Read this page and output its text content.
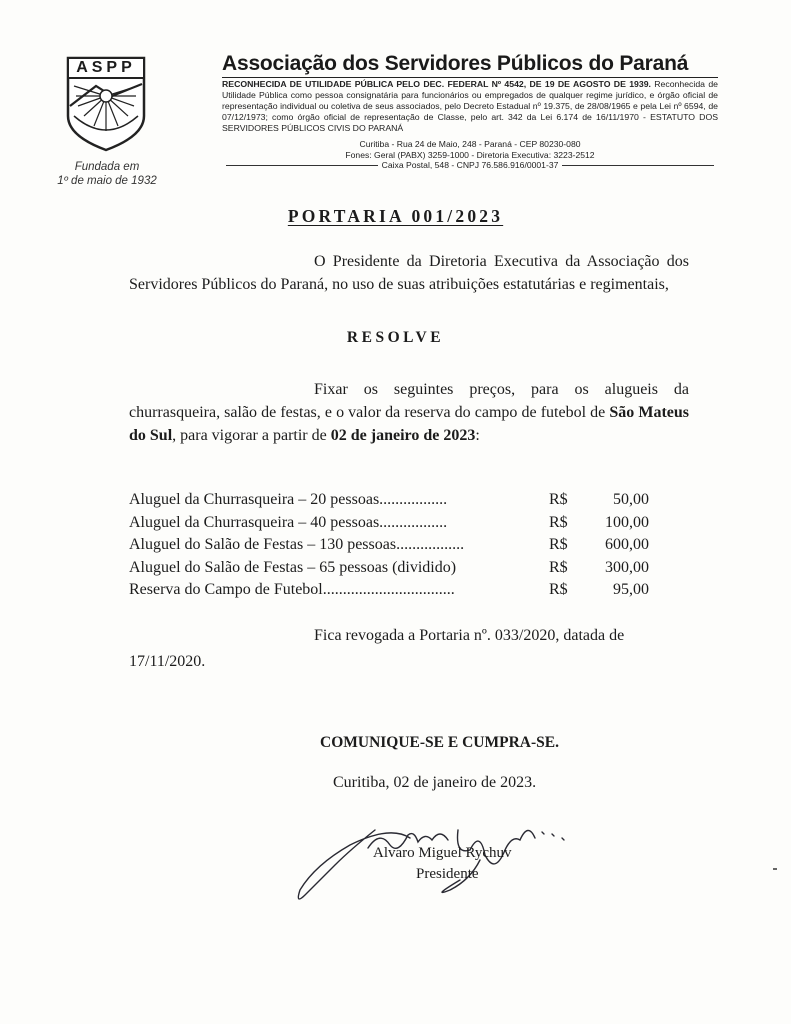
ASPP
Fundada em
1º de maio de 1932
Associação dos Servidores Públicos do Paraná
RECONHECIDA DE UTILIDADE PÚBLICA PELO DEC. FEDERAL Nº 4542, DE 19 DE AGOSTO DE 1939. Reconhecida de Utilidade Pública como pessoa consignatária para funcionários ou empregados de qualquer regime jurídico, e órgão oficial de representação individual ou coletiva de seus associados, pelo Decreto Estadual nº 19.375, de 28/08/1965 e pela Lei nº 6594, de 07/12/1973; como órgão oficial de representação de Classe, pelo art. 342 da Lei 6.174 de 16/11/1970 - ESTATUTO DOS SERVIDORES PÚBLICOS CIVIS DO PARANÁ
Curitiba - Rua 24 de Maio, 248 - Paraná - CEP 80230-080
Fones: Geral (PABX) 3259-1000 - Diretoria Executiva: 3223-2512
Caixa Postal, 548 - CNPJ 76.586.916/0001-37
PORTARIA 001/2023
O Presidente da Diretoria Executiva da Associação dos Servidores Públicos do Paraná, no uso de suas atribuições estatutárias e regimentais,
RESOLVE
Fixar os seguintes preços, para os alugueis da churrasqueira, salão de festas, e o valor da reserva do campo de futebol de São Mateus do Sul, para vigorar a partir de 02 de janeiro de 2023:
Aluguel da Churrasqueira – 20 pessoas.................	R$	50,00
Aluguel da Churrasqueira – 40 pessoas.................	R$	100,00
Aluguel do Salão de Festas – 130 pessoas.................	R$	600,00
Aluguel do Salão de Festas – 65 pessoas (dividido)	R$	300,00
Reserva do Campo de Futebol.................................	R$	95,00
Fica revogada a Portaria nº. 033/2020, datada de
17/11/2020.
COMUNIQUE-SE E CUMPRA-SE.
Curitiba, 02 de janeiro de 2023.
Alvaro Miguel Rychuv
Presidente
